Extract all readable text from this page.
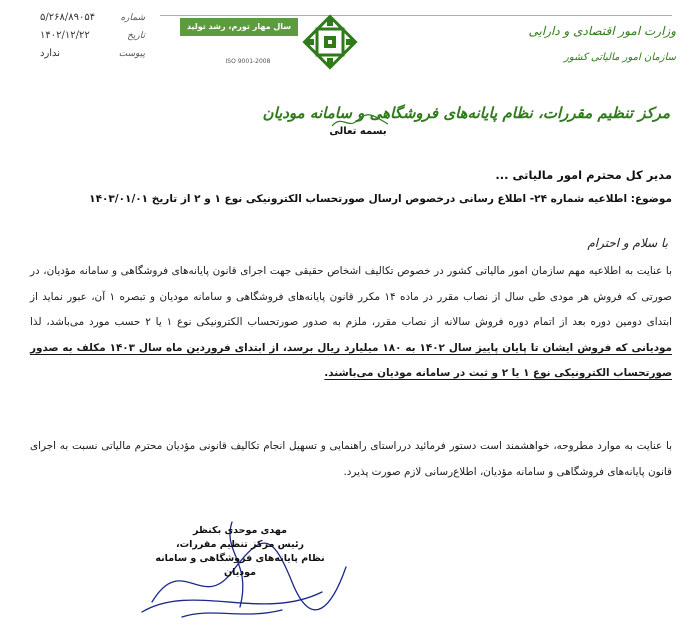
شماره
۵/۲۶۸/۸۹۰۵۴
تاریخ
۱۴۰۲/۱۲/۲۲
پیوست
ندارد
سال مهار تورم، رشد تولید
ISO 9001-2008
وزارت امور اقتصادی و دارایی
سازمان امور مالیاتی کشور
مرکز تنظیم مقررات، نظام پایانه‌های فروشگاهی و سامانه مودیان
بسمه تعالی
مدیر کل محترم امور مالیاتی ...
موضوع: اطلاعیه شماره ۲۴- اطلاع رسانی درخصوص ارسال صورتحساب الکترونیکی نوع ۱ و ۲ از تاریخ ۱۴۰۳/۰۱/۰۱
با سلام و احترام
با عنایت به اطلاعیه مهم سازمان امور مالیاتی کشور در خصوص تکالیف اشخاص حقیقی جهت اجرای قانون پایانه‌های فروشگاهی و سامانه مؤدیان، در صورتی که فروش هر مودی طی سال از نصاب مقرر در ماده ۱۴ مکرر قانون پایانه‌های فروشگاهی و سامانه مودیان و تبصره ۱ آن، عبور نماید از ابتدای دومین دوره بعد از اتمام دوره فروش سالانه از نصاب مقرر، ملزم به صدور صورتحساب الکترونیکی نوع ۱ یا ۲ حسب مورد می‌باشد، لذا مودیانی که فروش ایشان تا پایان پاییز سال ۱۴۰۲ به ۱۸۰ میلیارد ریال برسد، از ابتدای فروردین ماه سال ۱۴۰۳ مکلف به صدور صورتحساب الکترونیکی نوع ۱ یا ۲ و ثبت در سامانه مودیان می‌باشند.
با عنایت به موارد مطروحه، خواهشمند است دستور فرمائید درراستای راهنمایی و تسهیل انجام تکالیف قانونی مؤدیان محترم مالیاتی نسبت به اجرای قانون پایانه‌های فروشگاهی و سامانه مؤدیان، اطلاع‌رسانی لازم صورت پذیرد.
مهدی موحدی بکنظر
رئیس مرکز تنظیم مقررات،
نظام پایانه‌های فروشگاهی و سامانه مودیان
